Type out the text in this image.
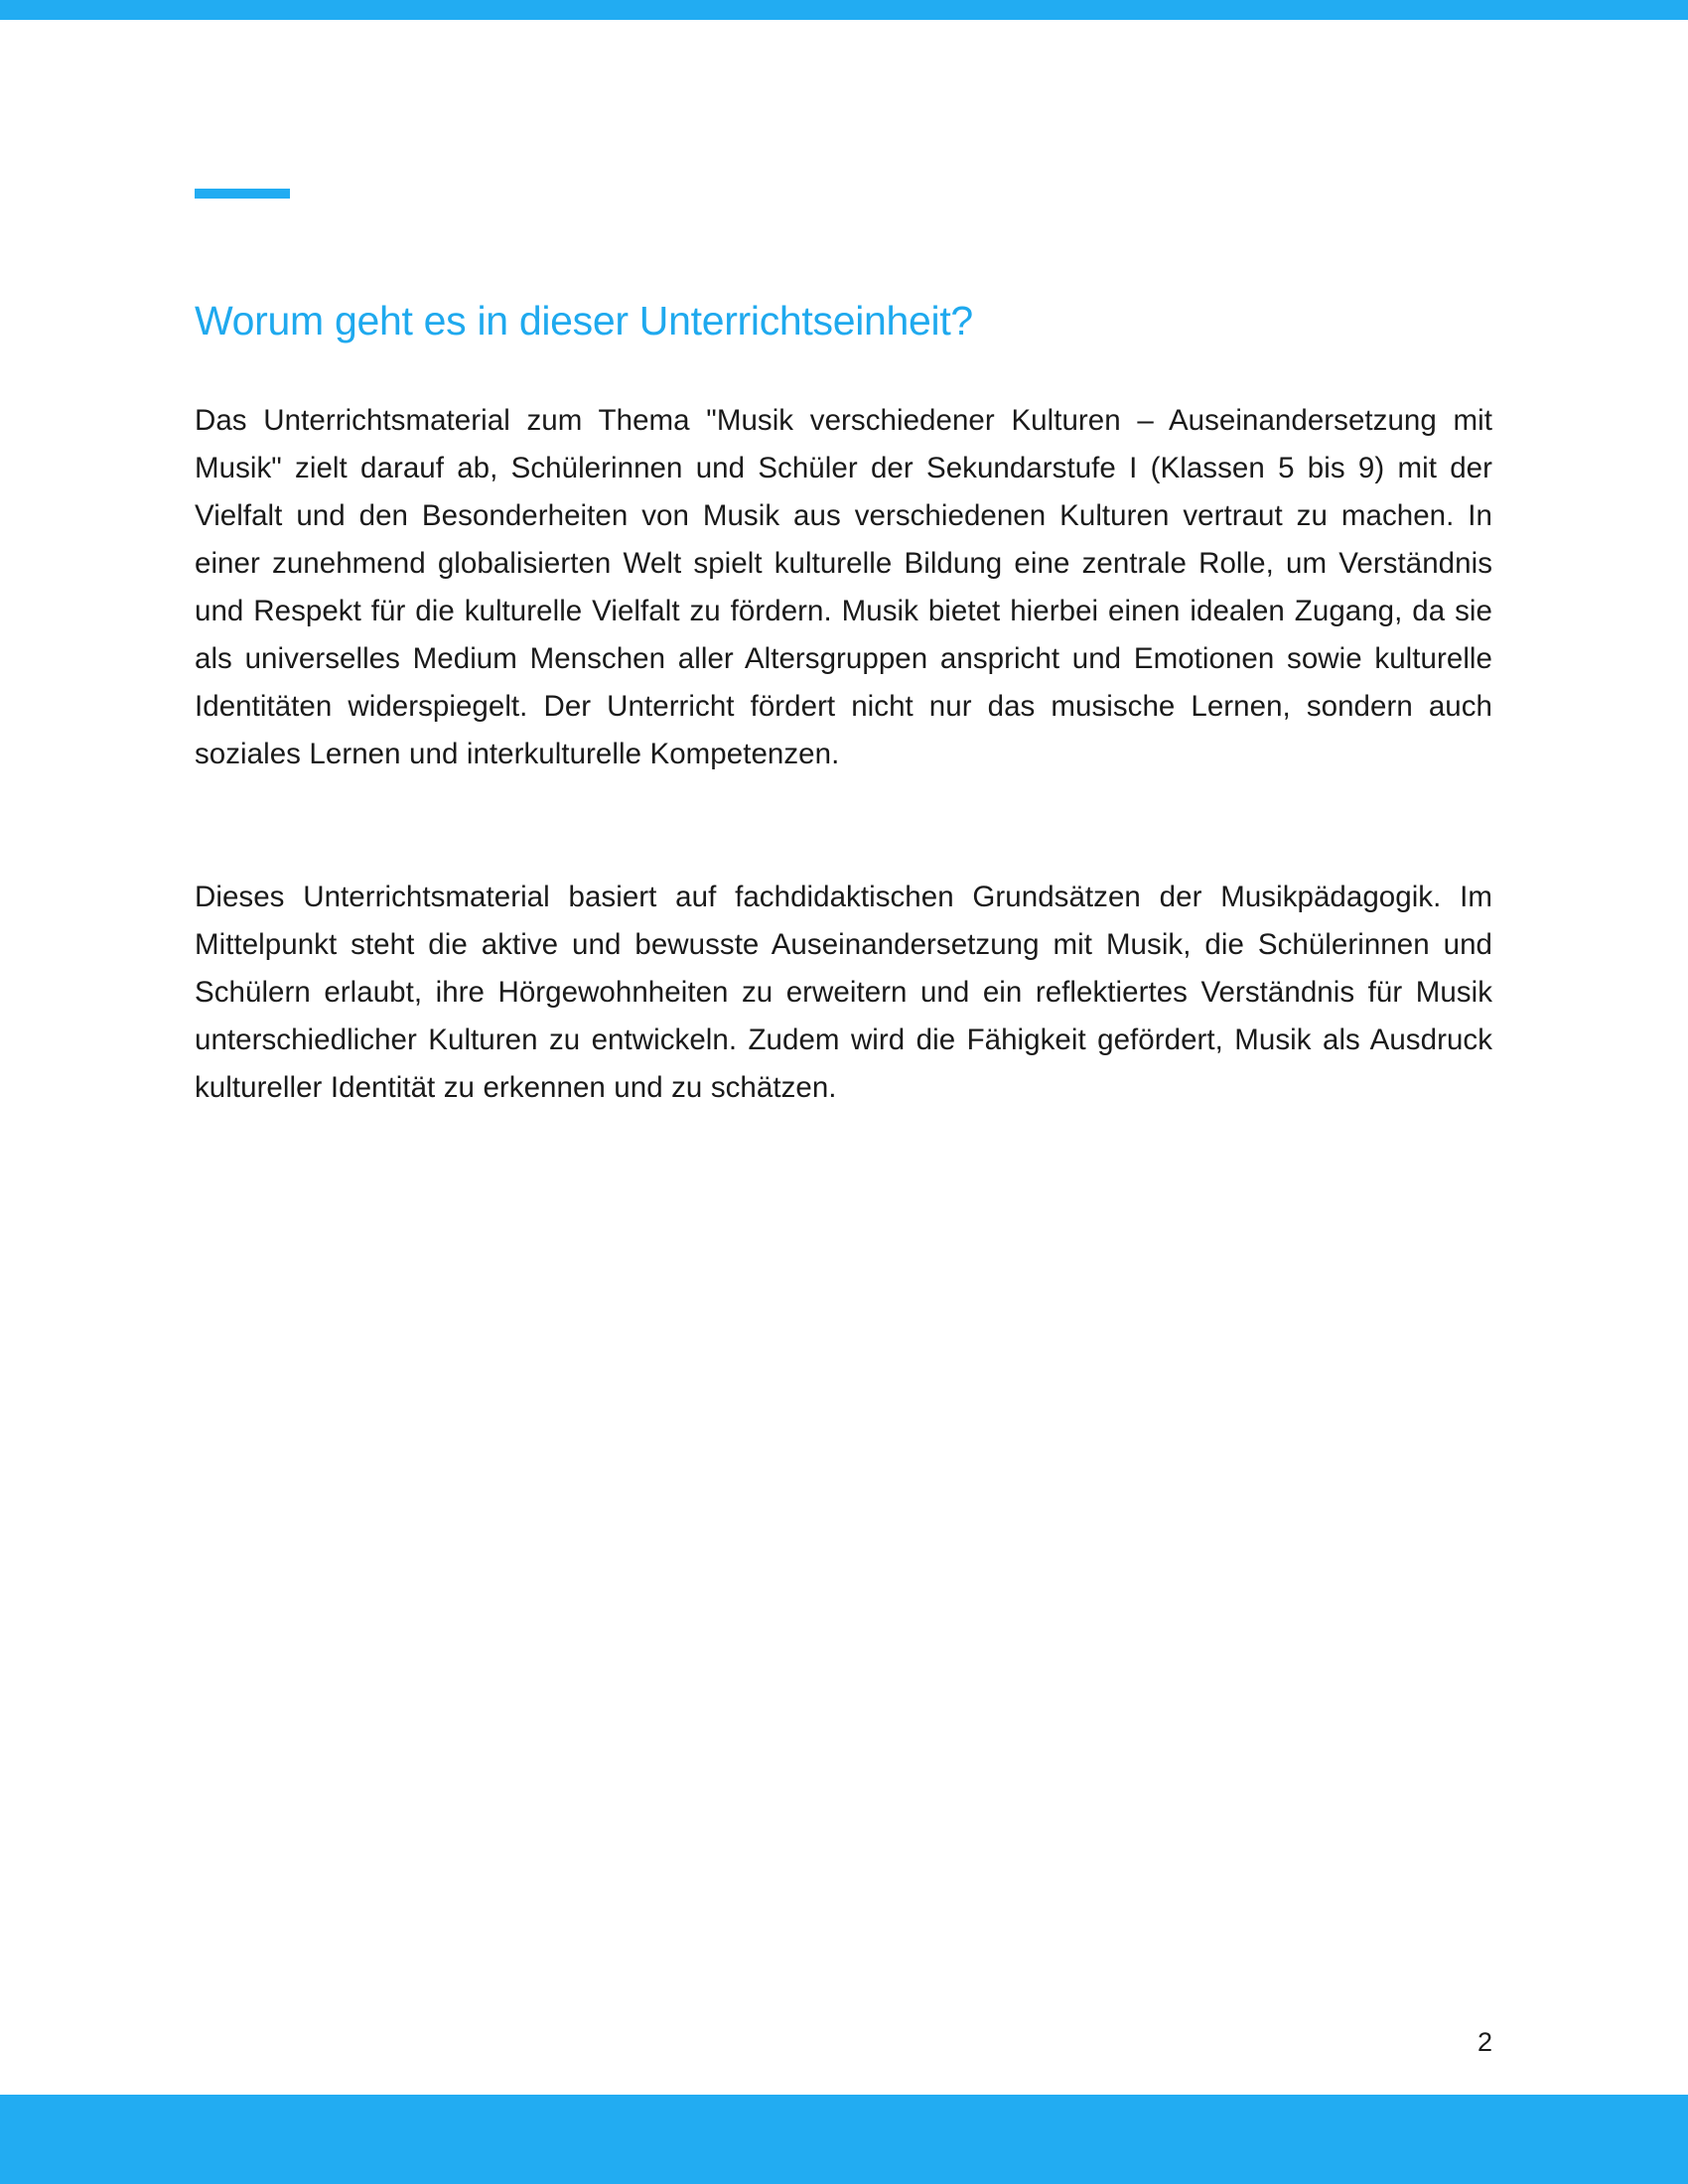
Worum geht es in dieser Unterrichtseinheit?

Das Unterrichtsmaterial zum Thema "Musik verschiedener Kulturen – Auseinandersetzung mit Musik" zielt darauf ab, Schülerinnen und Schüler der Sekundarstufe I (Klassen 5 bis 9) mit der Vielfalt und den Besonderheiten von Musik aus verschiedenen Kulturen vertraut zu machen. In einer zunehmend globalisierten Welt spielt kulturelle Bildung eine zentrale Rolle, um Verständnis und Respekt für die kulturelle Vielfalt zu fördern. Musik bietet hierbei einen idealen Zugang, da sie als universelles Medium Menschen aller Altersgruppen anspricht und Emotionen sowie kulturelle Identitäten widerspiegelt. Der Unterricht fördert nicht nur das musische Lernen, sondern auch soziales Lernen und interkulturelle Kompetenzen.

Dieses Unterrichtsmaterial basiert auf fachdidaktischen Grundsätzen der Musikpädagogik. Im Mittelpunkt steht die aktive und bewusste Auseinandersetzung mit Musik, die Schülerinnen und Schülern erlaubt, ihre Hörgewohnheiten zu erweitern und ein reflektiertes Verständnis für Musik unterschiedlicher Kulturen zu entwickeln. Zudem wird die Fähigkeit gefördert, Musik als Ausdruck kultureller Identität zu erkennen und zu schätzen.

2
